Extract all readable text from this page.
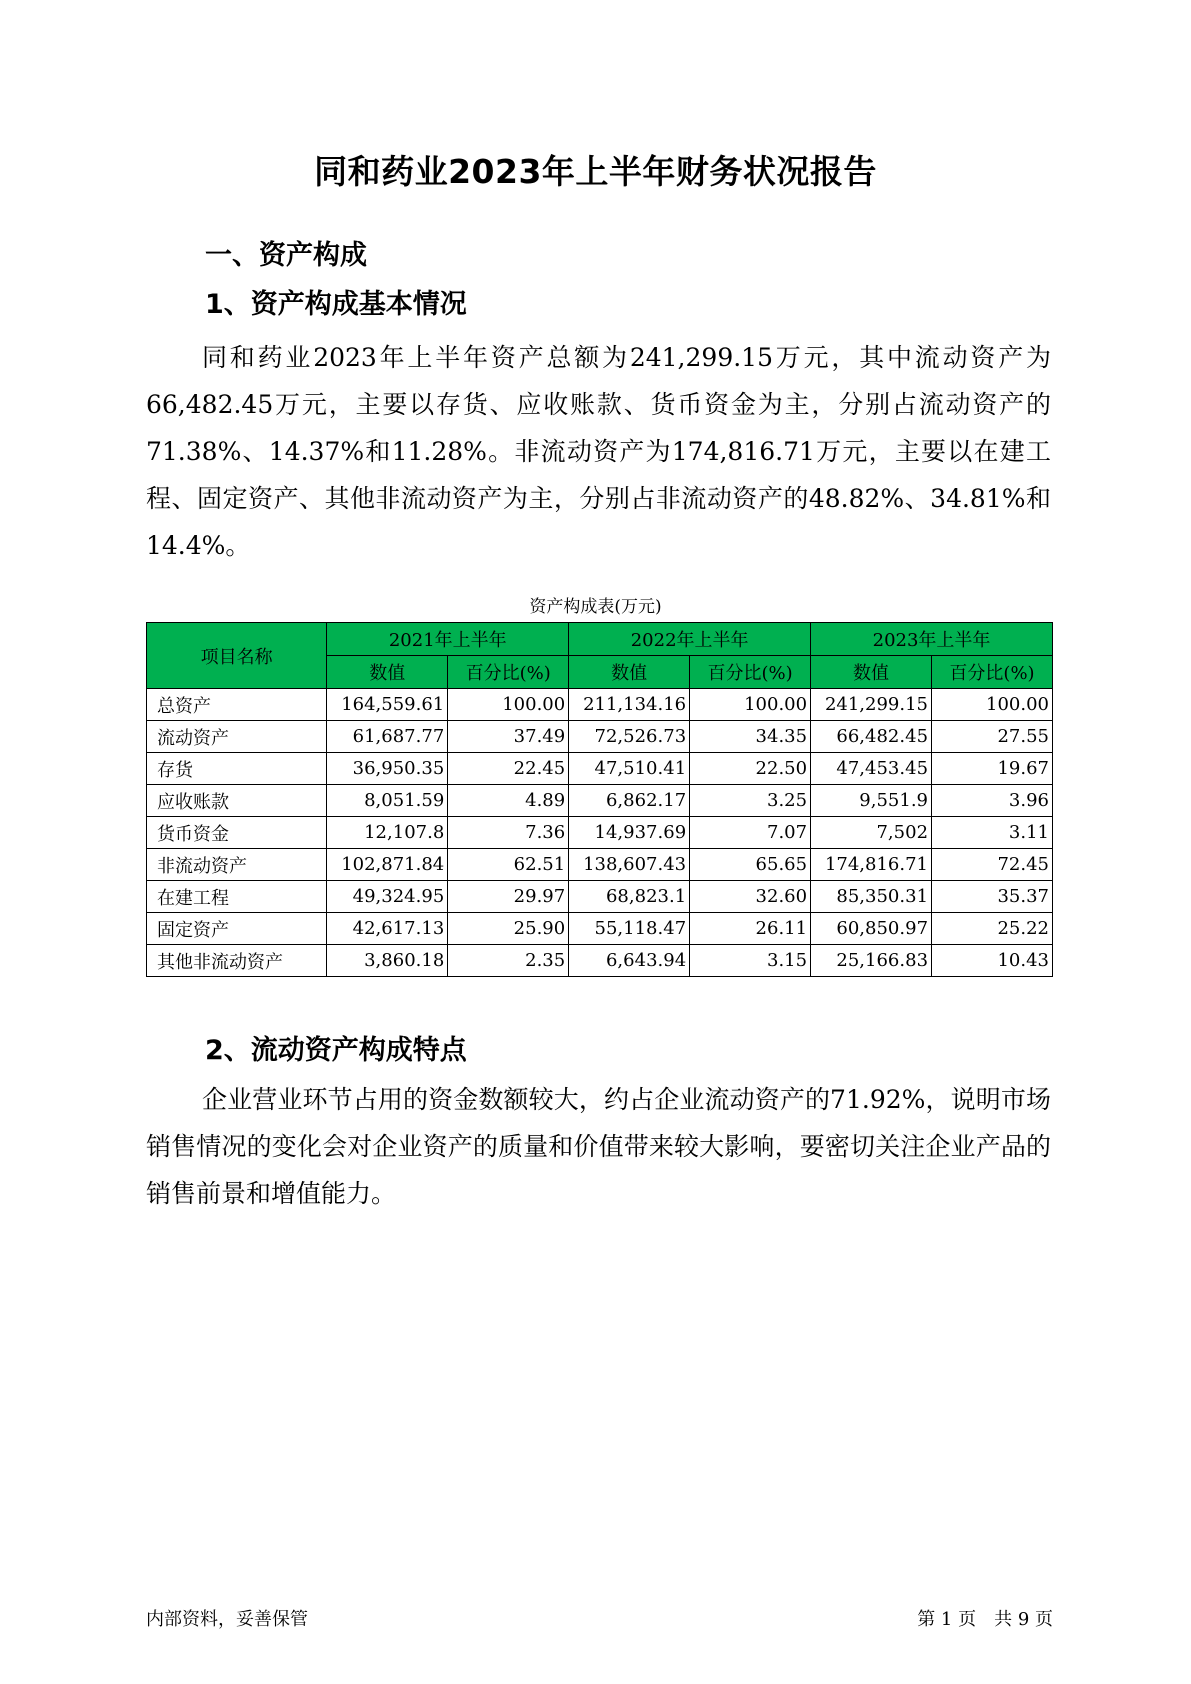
同和药业2023年上半年财务状况报告
一、资产构成
1、资产构成基本情况
同和药业2023年上半年资产总额为241,299.15万元，其中流动资产为66,482.45万元，主要以存货、应收账款、货币资金为主，分别占流动资产的71.38%、14.37%和11.28%。非流动资产为174,816.71万元，主要以在建工程、固定资产、其他非流动资产为主，分别占非流动资产的48.82%、34.81%和14.4%。
资产构成表(万元)
项目名称	2021年上半年		2022年上半年		2023年上半年	
	数值	百分比(%)	数值	百分比(%)	数值	百分比(%)
总资产	164,559.61	100.00	211,134.16	100.00	241,299.15	100.00
流动资产	61,687.77	37.49	72,526.73	34.35	66,482.45	27.55
存货	36,950.35	22.45	47,510.41	22.50	47,453.45	19.67
应收账款	8,051.59	4.89	6,862.17	3.25	9,551.9	3.96
货币资金	12,107.8	7.36	14,937.69	7.07	7,502	3.11
非流动资产	102,871.84	62.51	138,607.43	65.65	174,816.71	72.45
在建工程	49,324.95	29.97	68,823.1	32.60	85,350.31	35.37
固定资产	42,617.13	25.90	55,118.47	26.11	60,850.97	25.22
其他非流动资产	3,860.18	2.35	6,643.94	3.15	25,166.83	10.43
2、流动资产构成特点
企业营业环节占用的资金数额较大，约占企业流动资产的71.92%，说明市场销售情况的变化会对企业资产的质量和价值带来较大影响，要密切关注企业产品的销售前景和增值能力。
内部资料，妥善保管	第 1 页　共 9 页
